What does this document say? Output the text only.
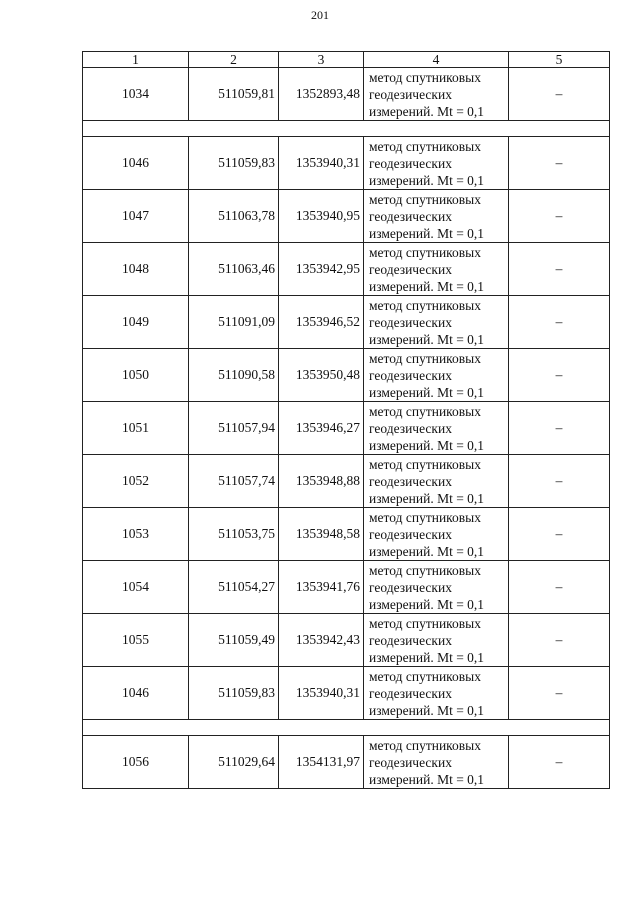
201
1	2	3	4	5
1034	511059,81	1352893,48	метод спутниковых
геодезических
измерений. Mt = 0,1	–

1046	511059,83	1353940,31	метод спутниковых
геодезических
измерений. Mt = 0,1	–
1047	511063,78	1353940,95	метод спутниковых
геодезических
измерений. Mt = 0,1	–
1048	511063,46	1353942,95	метод спутниковых
геодезических
измерений. Mt = 0,1	–
1049	511091,09	1353946,52	метод спутниковых
геодезических
измерений. Mt = 0,1	–
1050	511090,58	1353950,48	метод спутниковых
геодезических
измерений. Mt = 0,1	–
1051	511057,94	1353946,27	метод спутниковых
геодезических
измерений. Mt = 0,1	–
1052	511057,74	1353948,88	метод спутниковых
геодезических
измерений. Mt = 0,1	–
1053	511053,75	1353948,58	метод спутниковых
геодезических
измерений. Mt = 0,1	–
1054	511054,27	1353941,76	метод спутниковых
геодезических
измерений. Mt = 0,1	–
1055	511059,49	1353942,43	метод спутниковых
геодезических
измерений. Mt = 0,1	–
1046	511059,83	1353940,31	метод спутниковых
геодезических
измерений. Mt = 0,1	–

1056	511029,64	1354131,97	метод спутниковых
геодезических
измерений. Mt = 0,1	–
